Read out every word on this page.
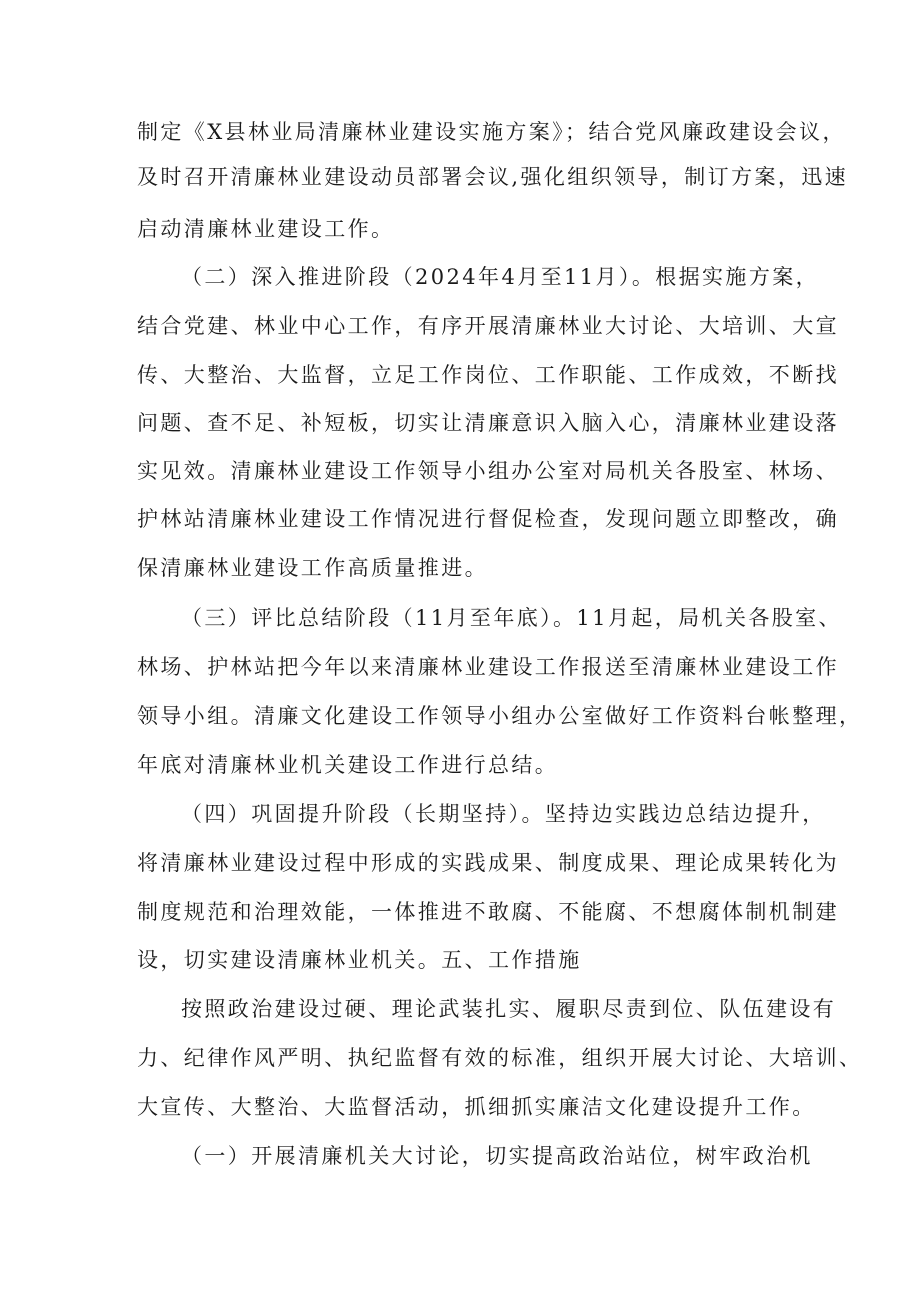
制定《X县林业局清廉林业建设实施方案》；结合党风廉政建设会议，
及时召开清廉林业建设动员部署会议,强化组织领导，制订方案，迅速
启动清廉林业建设工作。
（二）深入推进阶段（2024年4月至11月）。根据实施方案，
结合党建、林业中心工作，有序开展清廉林业大讨论、大培训、大宣
传、大整治、大监督，立足工作岗位、工作职能、工作成效，不断找
问题、查不足、补短板，切实让清廉意识入脑入心，清廉林业建设落
实见效。清廉林业建设工作领导小组办公室对局机关各股室、林场、
护林站清廉林业建设工作情况进行督促检查，发现问题立即整改，确
保清廉林业建设工作高质量推进。
（三）评比总结阶段（11月至年底）。11月起，局机关各股室、
林场、护林站把今年以来清廉林业建设工作报送至清廉林业建设工作
领导小组。清廉文化建设工作领导小组办公室做好工作资料台帐整理，
年底对清廉林业机关建设工作进行总结。
（四）巩固提升阶段（长期坚持）。坚持边实践边总结边提升，
将清廉林业建设过程中形成的实践成果、制度成果、理论成果转化为
制度规范和治理效能，一体推进不敢腐、不能腐、不想腐体制机制建
设，切实建设清廉林业机关。五、工作措施
按照政治建设过硬、理论武装扎实、履职尽责到位、队伍建设有
力、纪律作风严明、执纪监督有效的标准，组织开展大讨论、大培训、
大宣传、大整治、大监督活动，抓细抓实廉洁文化建设提升工作。
（一）开展清廉机关大讨论，切实提高政治站位，树牢政治机
